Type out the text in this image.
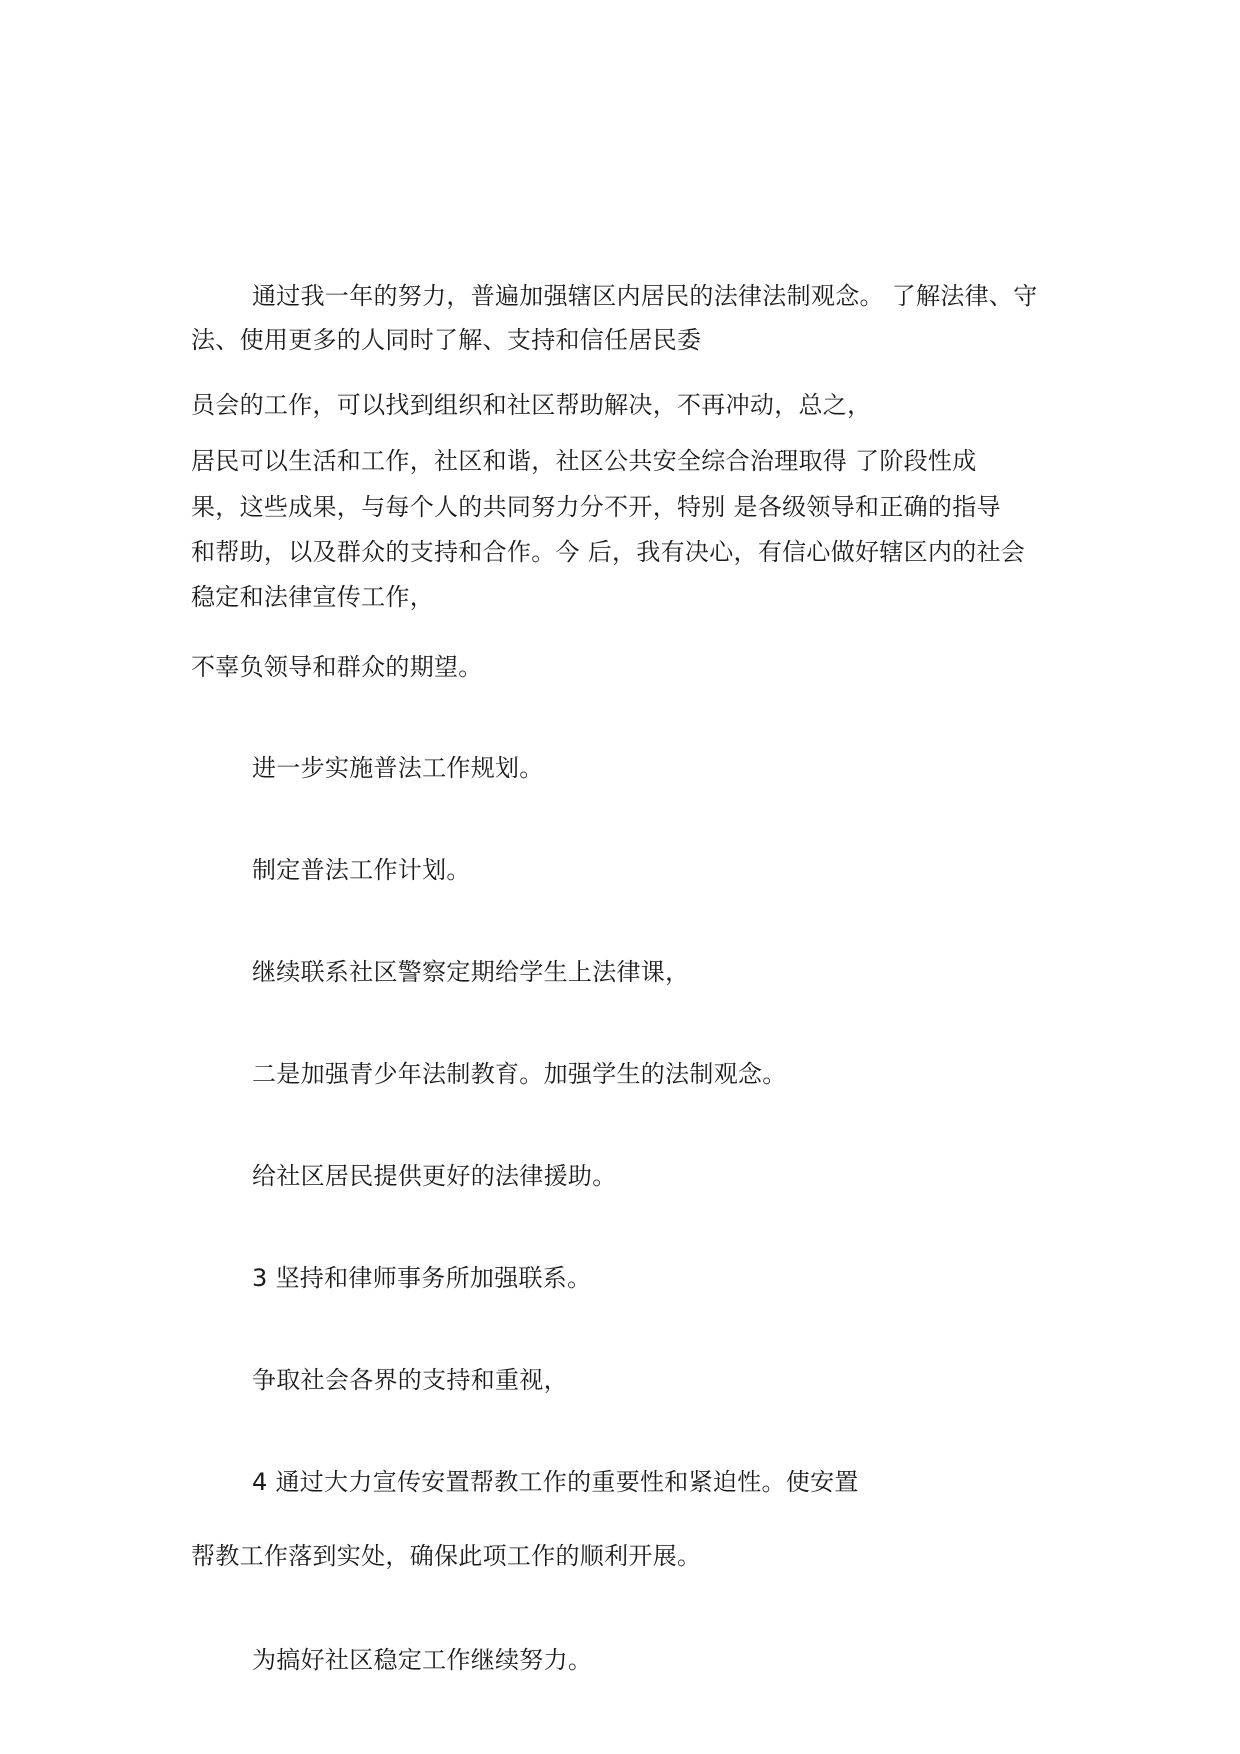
通过我一年的努力，普遍加强辖区内居民的法律法制观念。 了解法律、守
法、使用更多的人同时了解、支持和信任居民委
员会的工作，可以找到组织和社区帮助解决，不再冲动，总之，
居民可以生活和工作，社区和谐，社区公共安全综合治理取得 了阶段性成
果，这些成果，与每个人的共同努力分不开，特别 是各级领导和正确的指导
和帮助，以及群众的支持和合作。今 后，我有决心，有信心做好辖区内的社会
稳定和法律宣传工作，
不辜负领导和群众的期望。
进一步实施普法工作规划。
制定普法工作计划。
继续联系社区警察定期给学生上法律课，
二是加强青少年法制教育。加强学生的法制观念。
给社区居民提供更好的法律援助。
3 坚持和律师事务所加强联系。
争取社会各界的支持和重视，
4 通过大力宣传安置帮教工作的重要性和紧迫性。使安置
帮教工作落到实处，确保此项工作的顺利开展。
为搞好社区稳定工作继续努力。
